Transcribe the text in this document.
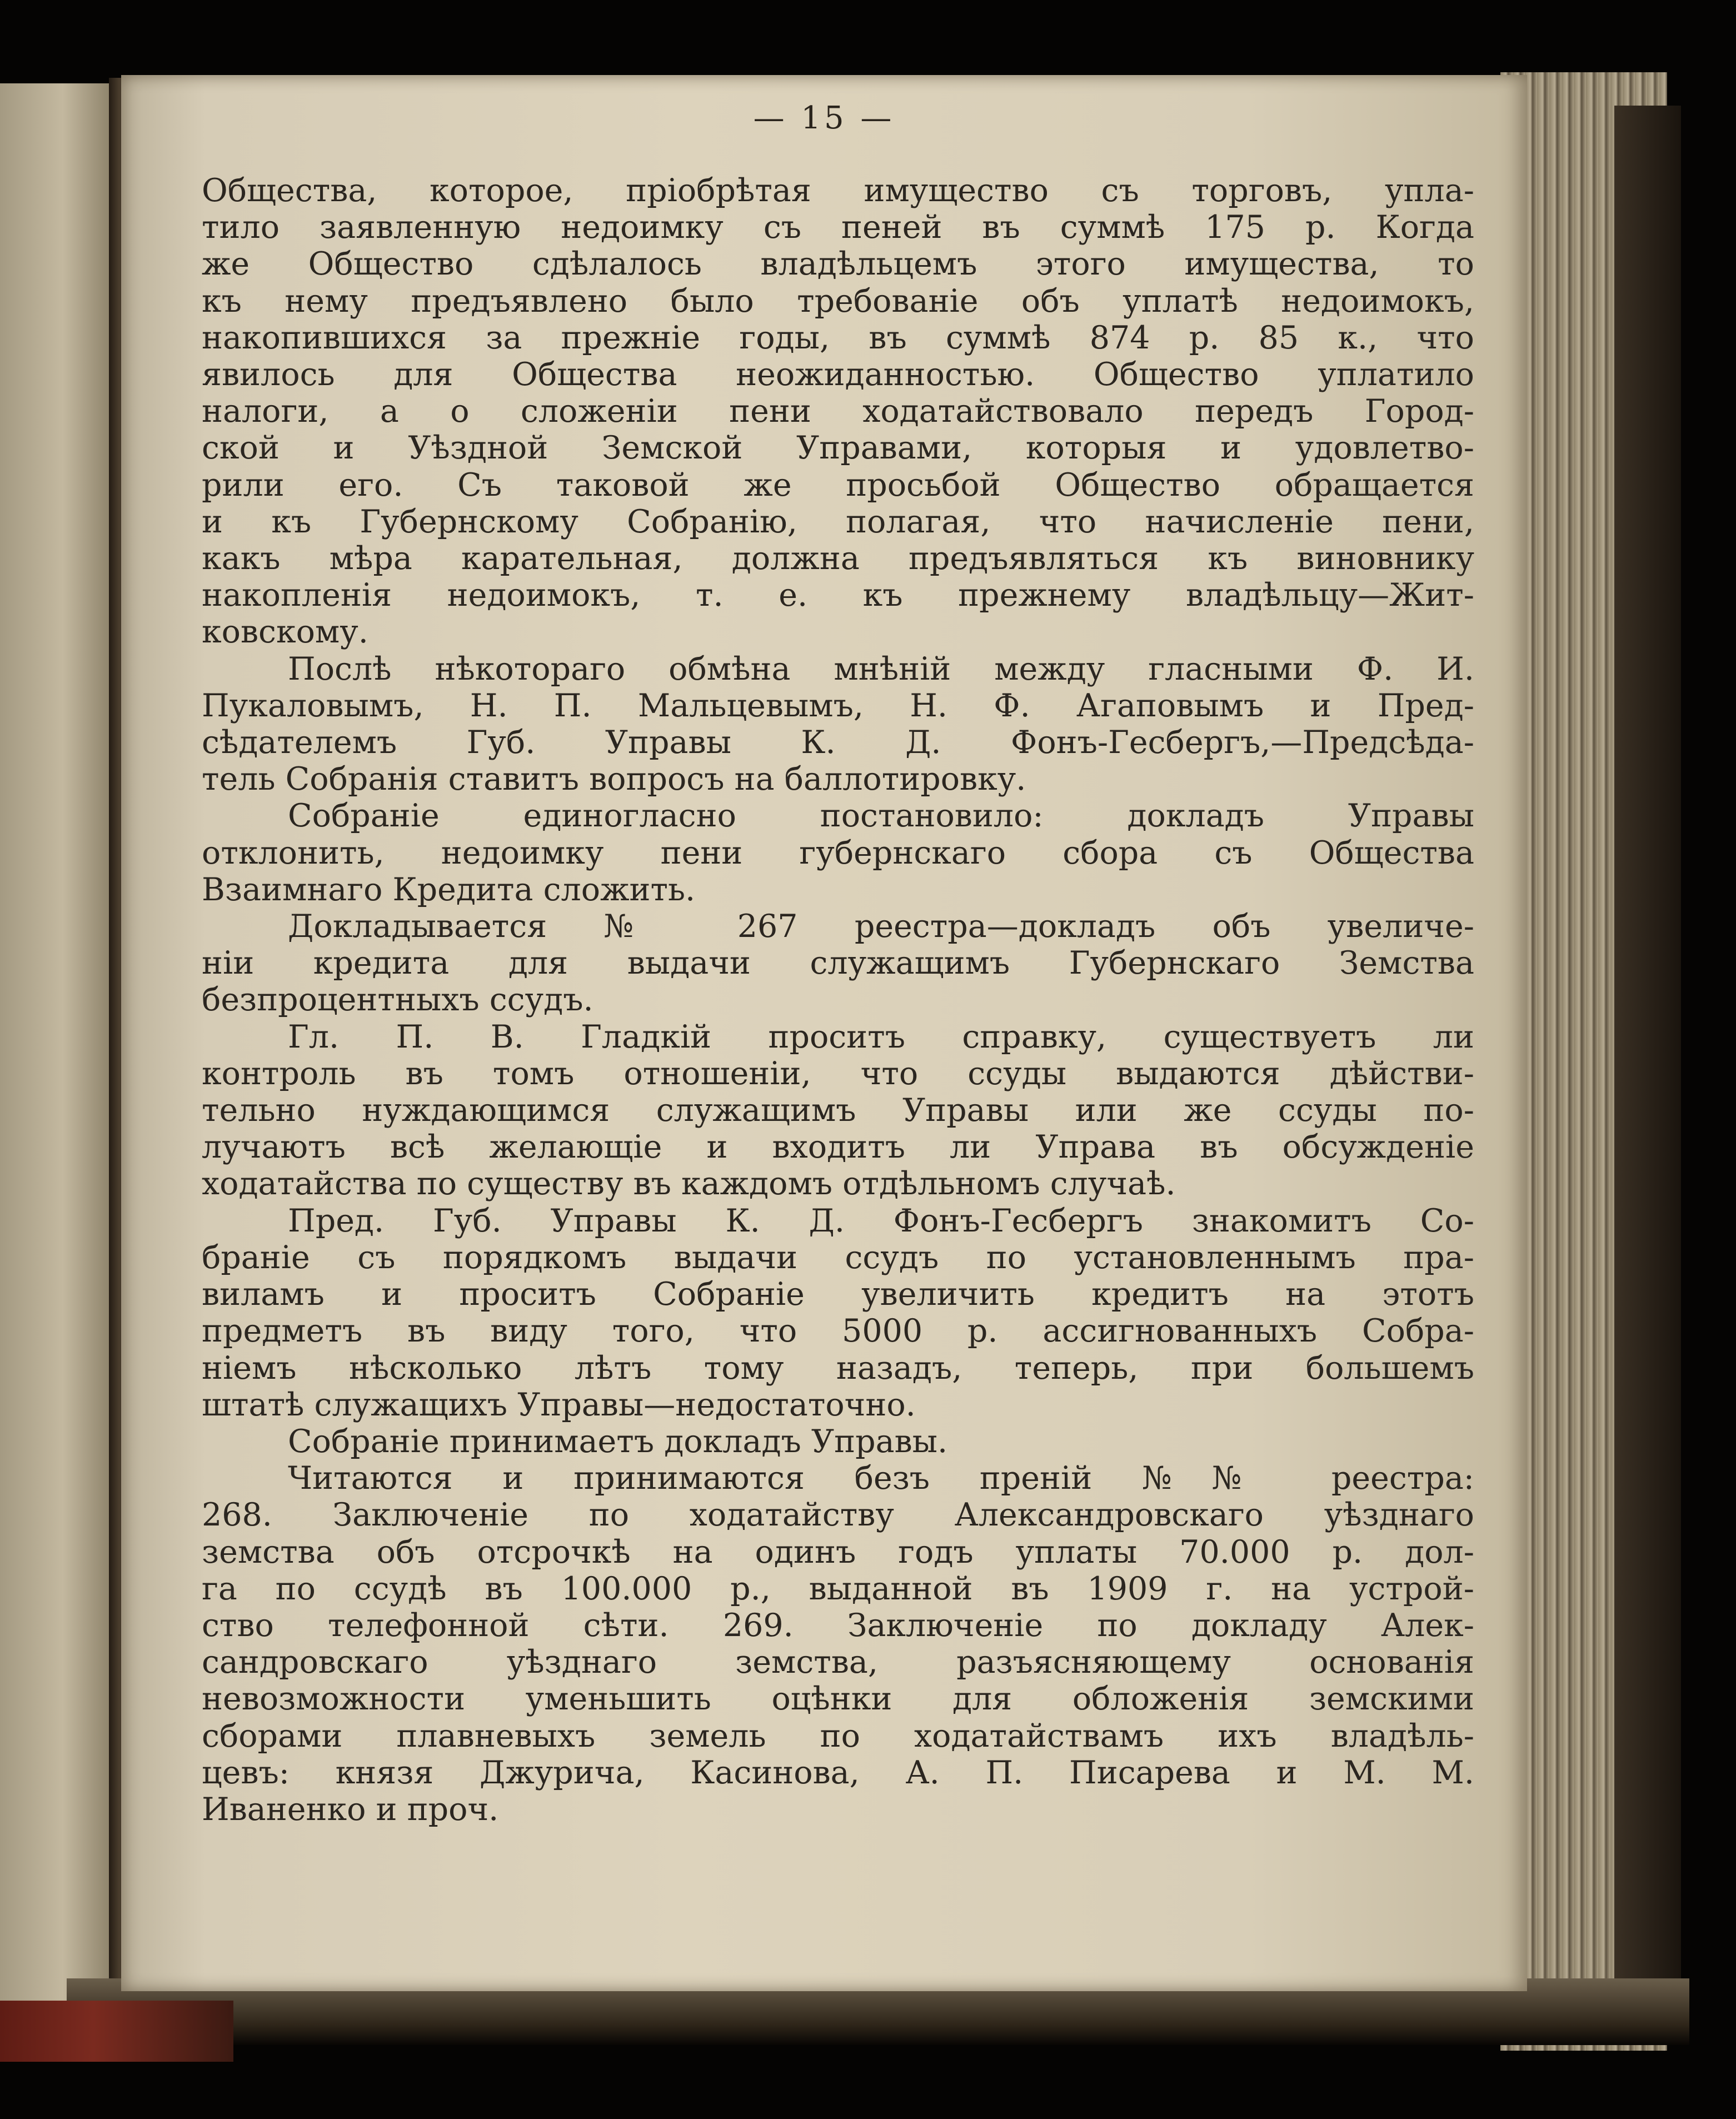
— 15 —
Общества, которое, пріобрѣтая имущество съ торговъ, упла-
тило заявленную недоимку съ пеней въ суммѣ 175 р. Когда
же Общество сдѣлалось владѣльцемъ этого имущества, то
къ нему предъявлено было требованіе объ уплатѣ недоимокъ,
накопившихся за прежніе годы, въ суммѣ 874 р. 85 к., что
явилось для Общества неожиданностью. Общество уплатило
налоги, а о сложеніи пени ходатайствовало передъ Город-
ской и Уѣздной Земской Управами, которыя и удовлетво-
рили его. Съ таковой же просьбой Общество обращается
и къ Губернскому Собранію, полагая, что начисленіе пени,
какъ мѣра карательная, должна предъявляться къ виновнику
накопленія недоимокъ, т. е. къ прежнему владѣльцу—Жит-
ковскому.
Послѣ нѣкотораго обмѣна мнѣній между гласными Ф. И.
Пукаловымъ, Н. П. Мальцевымъ, Н. Ф. Агаповымъ и Пред-
сѣдателемъ Губ. Управы К. Д. Фонъ-Гесбергъ,—Предсѣда-
тель Собранія ставитъ вопросъ на баллотировку.
Собраніе единогласно постановило: докладъ Управы
отклонить, недоимку пени губернскаго сбора съ Общества
Взаимнаго Кредита сложить.
Докладывается № 267 реестра—докладъ объ увеличе-
ніи кредита для выдачи служащимъ Губернскаго Земства
безпроцентныхъ ссудъ.
Гл. П. В. Гладкій проситъ справку, существуетъ ли
контроль въ томъ отношеніи, что ссуды выдаются дѣйстви-
тельно нуждающимся служащимъ Управы или же ссуды по-
лучаютъ всѣ желающіе и входитъ ли Управа въ обсужденіе
ходатайства по существу въ каждомъ отдѣльномъ случаѣ.
Пред. Губ. Управы К. Д. Фонъ-Гесбергъ знакомитъ Со-
браніе съ порядкомъ выдачи ссудъ по установленнымъ пра-
виламъ и проситъ Собраніе увеличить кредитъ на этотъ
предметъ въ виду того, что 5000 р. ассигнованныхъ Собра-
ніемъ нѣсколько лѣтъ тому назадъ, теперь, при большемъ
штатѣ служащихъ Управы—недостаточно.
Собраніе принимаетъ докладъ Управы.
Читаются и принимаются безъ преній №№ реестра:
268. Заключеніе по ходатайству Александровскаго уѣзднаго
земства объ отсрочкѣ на одинъ годъ уплаты 70.000 р. дол-
га по ссудѣ въ 100.000 р., выданной въ 1909 г. на устрой-
ство телефонной сѣти. 269. Заключеніе по докладу Алек-
сандровскаго уѣзднаго земства, разъясняющему основанія
невозможности уменьшить оцѣнки для обложенія земскими
сборами плавневыхъ земель по ходатайствамъ ихъ владѣль-
цевъ: князя Джурича, Касинова, А. П. Писарева и М. М.
Иваненко и проч.
